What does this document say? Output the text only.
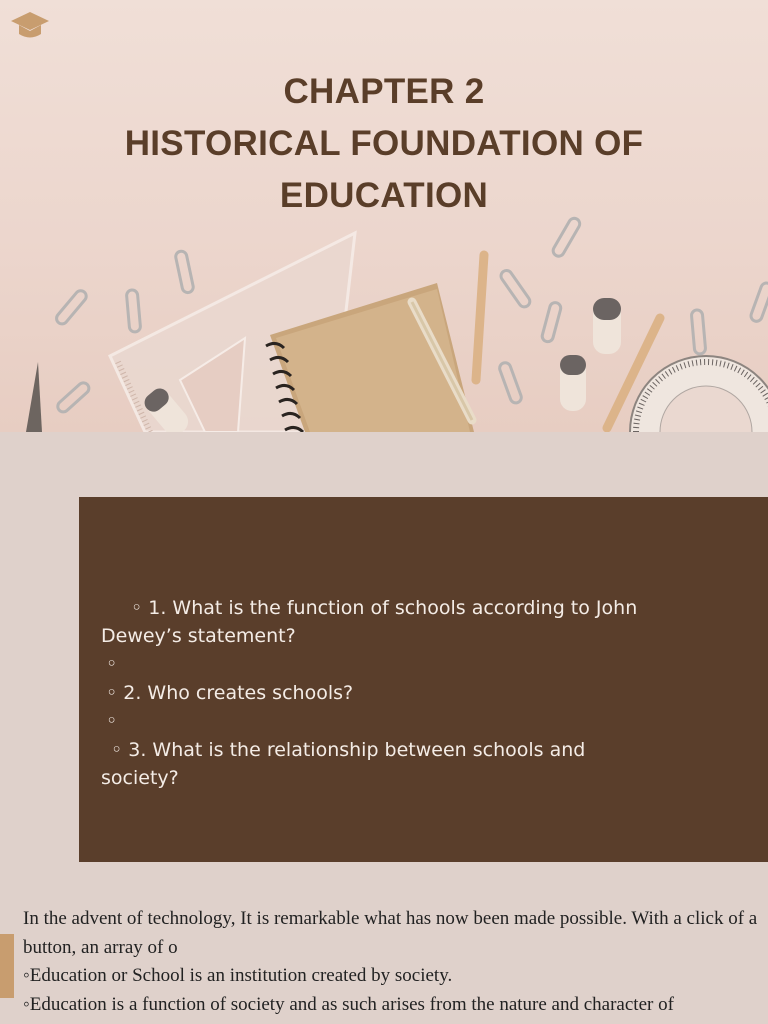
CHAPTER 2
HISTORICAL FOUNDATION OF
EDUCATION
◦ 1. What is the function of schools according to John Dewey’s statement?
◦
◦ 2. Who creates schools?
◦
◦ 3. What is the relationship between schools and society?

In the advent of technology, It is remarkable what has now been made possible. With a click of a button, an array of o

◦Education or School is an institution created by society.

◦Education is a function of society and as such arises from the nature and character of
